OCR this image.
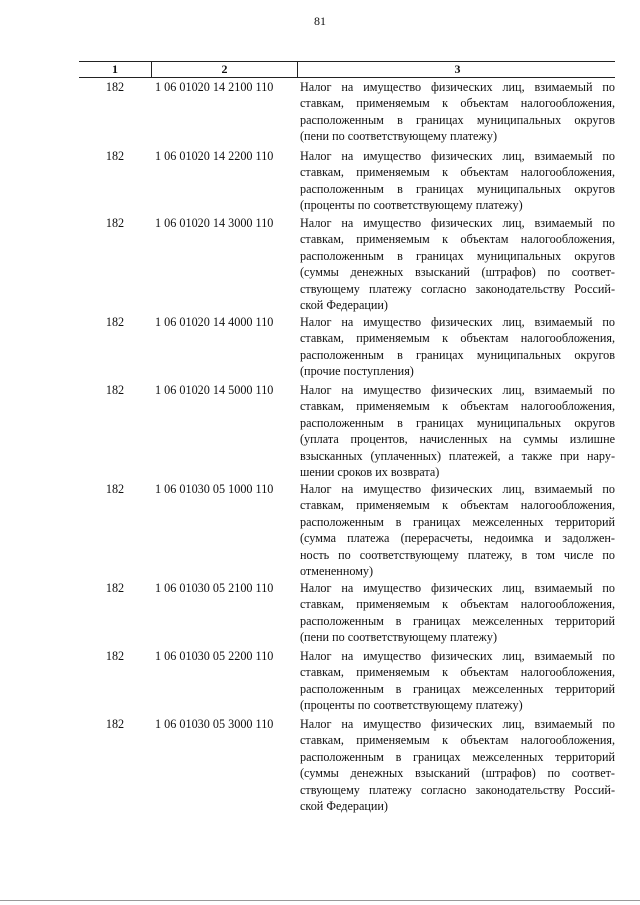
81
1	2	3
182	1 06 01020 14 2100 110	Налог на имущество физических лиц, взимаемый по
ставкам, применяемым к объектам налогообложения,
расположенным в границах муниципальных округов
(пени по соответствующему платежу)
182	1 06 01020 14 2200 110	Налог на имущество физических лиц, взимаемый по
ставкам, применяемым к объектам налогообложения,
расположенным в границах муниципальных округов
(проценты по соответствующему платежу)
182	1 06 01020 14 3000 110	Налог на имущество физических лиц, взимаемый по
ставкам, применяемым к объектам налогообложения,
расположенным в границах муниципальных округов
(суммы денежных взысканий (штрафов) по соответ-
ствующему платежу согласно законодательству Россий-
ской Федерации)
182	1 06 01020 14 4000 110	Налог на имущество физических лиц, взимаемый по
ставкам, применяемым к объектам налогообложения,
расположенным в границах муниципальных округов
(прочие поступления)
182	1 06 01020 14 5000 110	Налог на имущество физических лиц, взимаемый по
ставкам, применяемым к объектам налогообложения,
расположенным в границах муниципальных округов
(уплата процентов, начисленных на суммы излишне
взысканных (уплаченных) платежей, а также при нару-
шении сроков их возврата)
182	1 06 01030 05 1000 110	Налог на имущество физических лиц, взимаемый по
ставкам, применяемым к объектам налогообложения,
расположенным в границах межселенных территорий
(сумма платежа (перерасчеты, недоимка и задолжен-
ность по соответствующему платежу, в том числе по
отмененному)
182	1 06 01030 05 2100 110	Налог на имущество физических лиц, взимаемый по
ставкам, применяемым к объектам налогообложения,
расположенным в границах межселенных территорий
(пени по соответствующему платежу)
182	1 06 01030 05 2200 110	Налог на имущество физических лиц, взимаемый по
ставкам, применяемым к объектам налогообложения,
расположенным в границах межселенных территорий
(проценты по соответствующему платежу)
182	1 06 01030 05 3000 110	Налог на имущество физических лиц, взимаемый по
ставкам, применяемым к объектам налогообложения,
расположенным в границах межселенных территорий
(суммы денежных взысканий (штрафов) по соответ-
ствующему платежу согласно законодательству Россий-
ской Федерации)
